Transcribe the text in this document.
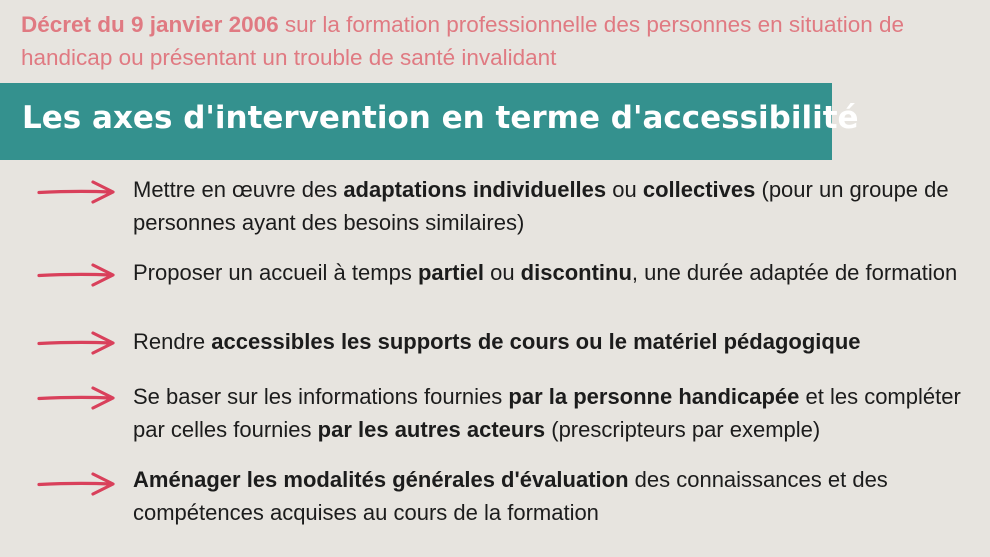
Décret du 9 janvier 2006 sur la formation professionnelle des personnes en situation de handicap ou présentant un trouble de santé invalidant

Les axes d'intervention en terme d'accessibilité

Mettre en œuvre des adaptations individuelles ou collectives (pour un groupe de personnes ayant des besoins similaires)

Proposer un accueil à temps partiel ou discontinu, une durée adaptée de formation

Rendre accessibles les supports de cours ou le matériel pédagogique

Se baser sur les informations fournies par la personne handicapée et les compléter par celles fournies par les autres acteurs (prescripteurs par exemple)

Aménager les modalités générales d'évaluation des connaissances et des compétences acquises au cours de la formation
